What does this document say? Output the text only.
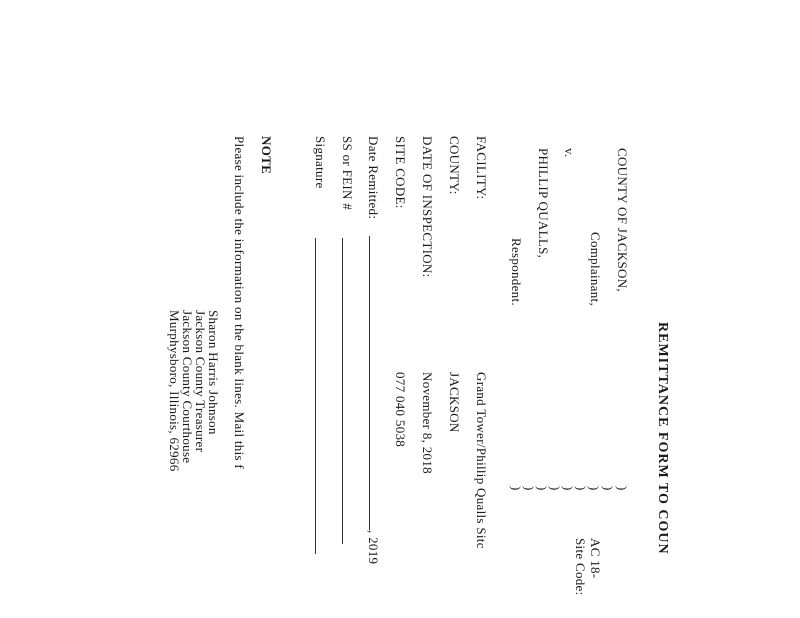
REMITTANCE FORM TO COUN
COUNTY OF JACKSON,
Complainant,
v.
PHILLIP QUALLS,
Respondent.
)
)
)
)
)
)
)
)
)
AC 18-
Site Code:
FACILITY:
Grand Tower/Phillip Qualls Sitc
COUNTY:
JACKSON
DATE OF INSPECTION:
November 8, 2018
SITE CODE:
077 040 5038
Date Remitted:
, 2019
SS or FEIN #
Signature
NOTE
Please include the information on the blank lines. Mail this f
Sharon Harris Johnson
Jackson County Treasurer
Jackson County Courthouse
Murphysboro, Illinois, 62966
